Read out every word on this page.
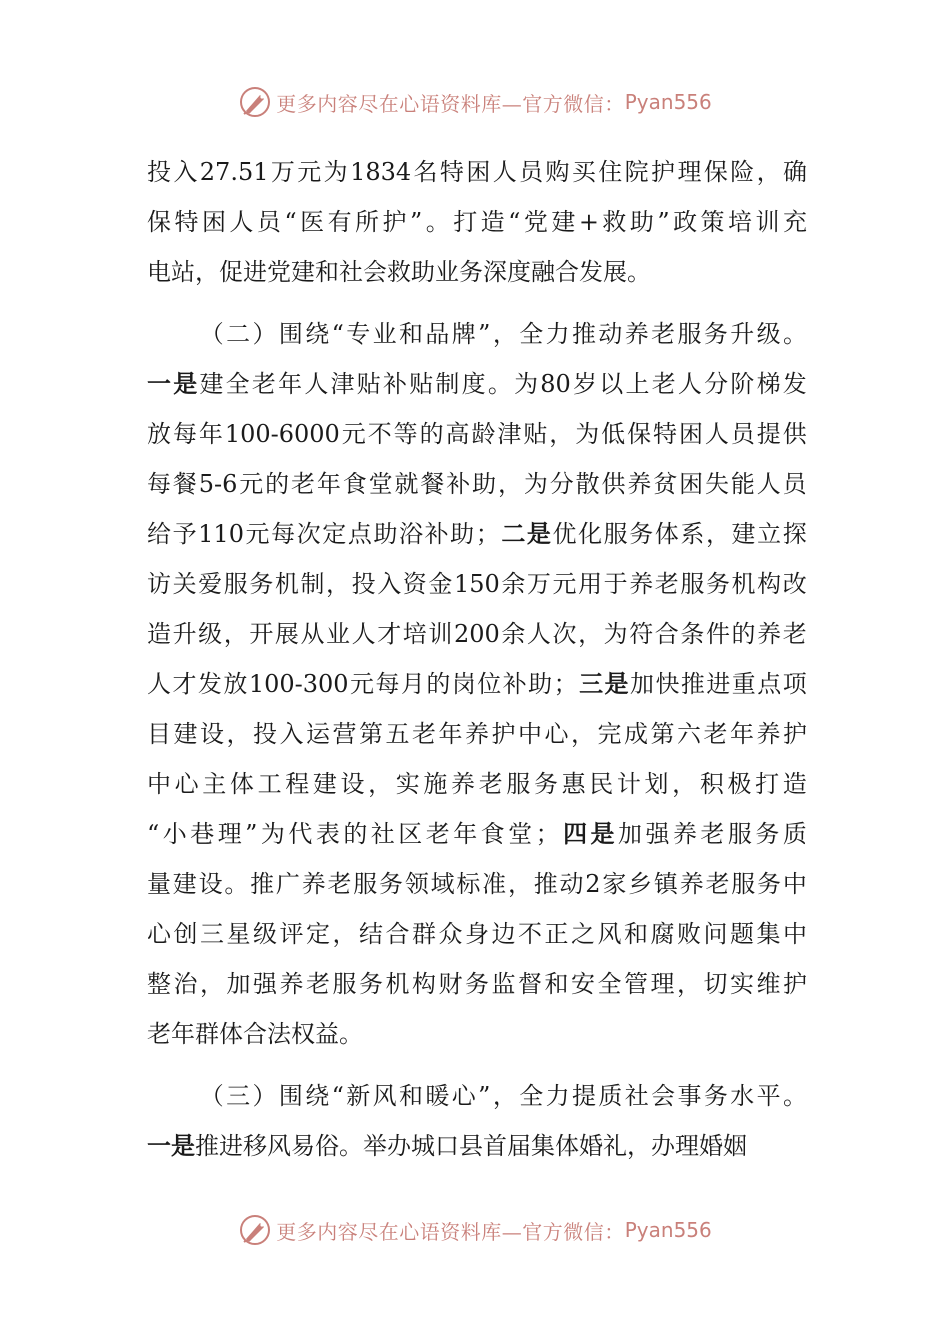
更多内容尽在心语资料库—官方微信： Pyan556
投 入 27.51 万 元 为 1834 名 特 困 人 员 购 买 住 院 护 理 保 险 ， 确
保 特 困 人 员 “ 医 有 所 护 ” 。 打 造 “ 党 建 + 救 助 ” 政 策 培 训 充
电 站 ， 促 进 党 建 和 社 会 救 助 业 务 深 度 融 合 发 展 。

（ 二 ） 围 绕 “ 专 业 和 品 牌 ” ， 全 力 推 动 养 老 服 务 升 级 。
一 是 建 全 老 年 人 津 贴 补 贴 制 度 。 为 80 岁 以 上 老 人 分 阶 梯 发
放 每 年 100-6000 元 不 等 的 高 龄 津 贴 ， 为 低 保 特 困 人 员 提 供
每 餐 5-6 元 的 老 年 食 堂 就 餐 补 助 ， 为 分 散 供 养 贫 困 失 能 人 员
给 予 110 元 每 次 定 点 助 浴 补 助 ； 二 是 优 化 服 务 体 系 ， 建 立 探
访 关 爱 服 务 机 制 ， 投 入 资 金 150 余 万 元 用 于 养 老 服 务 机 构 改
造 升 级 ， 开 展 从 业 人 才 培 训 200 余 人 次 ， 为 符 合 条 件 的 养 老
人 才 发 放 100-300 元 每 月 的 岗 位 补 助 ； 三 是 加 快 推 进 重 点 项
目 建 设 ， 投 入 运 营 第 五 老 年 养 护 中 心 ， 完 成 第 六 老 年 养 护
中 心 主 体 工 程 建 设 ， 实 施 养 老 服 务 惠 民 计 划 ， 积 极 打 造
“ 小 巷 理 ” 为 代 表 的 社 区 老 年 食 堂 ； 四 是 加 强 养 老 服 务 质
量 建 设 。 推 广 养 老 服 务 领 域 标 准 ， 推 动 2 家 乡 镇 养 老 服 务 中
心 创 三 星 级 评 定 ， 结 合 群 众 身 边 不 正 之 风 和 腐 败 问 题 集 中
整 治 ， 加 强 养 老 服 务 机 构 财 务 监 督 和 安 全 管 理 ， 切 实 维 护
老 年 群 体 合 法 权 益 。

（ 三 ） 围 绕 “ 新 风 和 暖 心 ” ， 全 力 提 质 社 会 事 务 水 平 。
一 是 推 进 移 风 易 俗 。 举 办 城 口 县 首 届 集 体 婚 礼 ， 办 理 婚 姻
更多内容尽在心语资料库—官方微信： Pyan556
